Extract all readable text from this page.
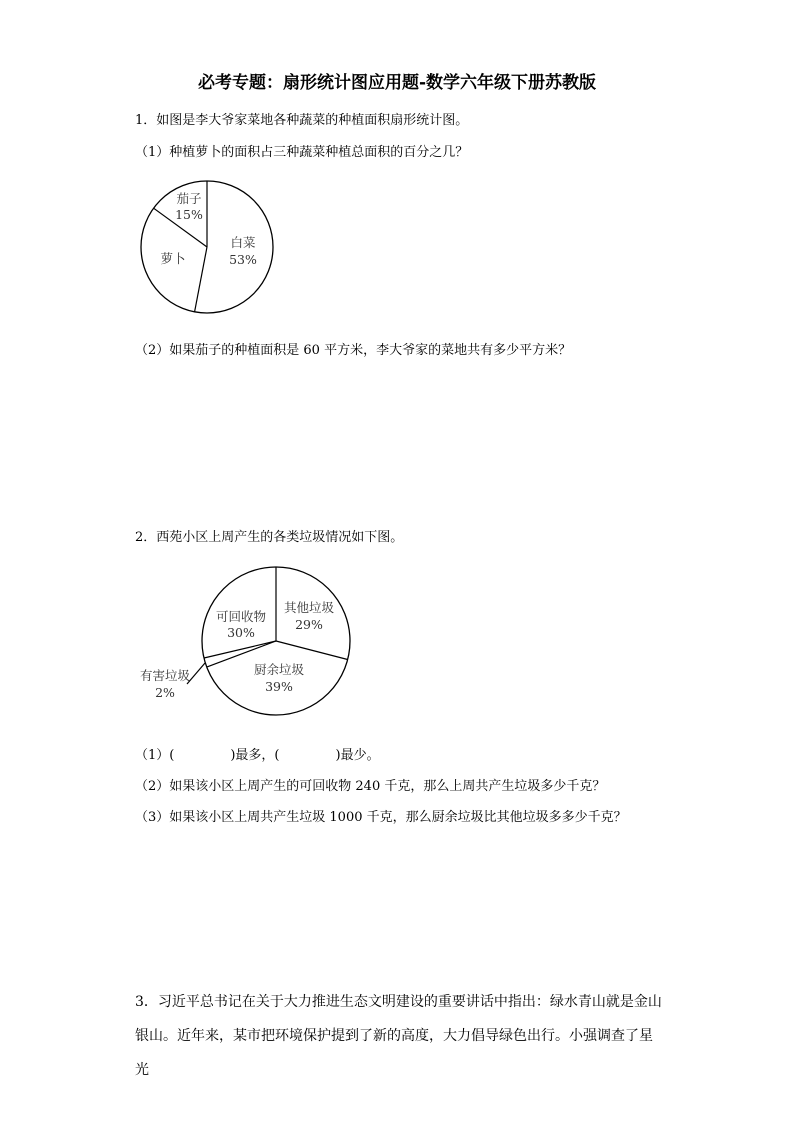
必考专题：扇形统计图应用题-数学六年级下册苏教版
1．如图是李大爷家菜地各种蔬菜的种植面积扇形统计图。
（1）种植萝卜的面积占三种蔬菜种植总面积的百分之几？
茄子
15%
萝卜
白菜
53%
（2）如果茄子的种植面积是 60 平方米，李大爷家的菜地共有多少平方米？
2．西苑小区上周产生的各类垃圾情况如下图。
其他垃圾
29%
可回收物
30%
厨余垃圾
39%
有害垃圾
2%
（1）(	)最多，(	)最少。
（2）如果该小区上周产生的可回收物 240 千克，那么上周共产生垃圾多少千克？
（3）如果该小区上周共产生垃圾 1000 千克，那么厨余垃圾比其他垃圾多多少千克？
3．习近平总书记在关于大力推进生态文明建设的重要讲话中指出：绿水青山就是金山银山。近年来，某市把环境保护提到了新的高度，大力倡导绿色出行。小强调查了星光
